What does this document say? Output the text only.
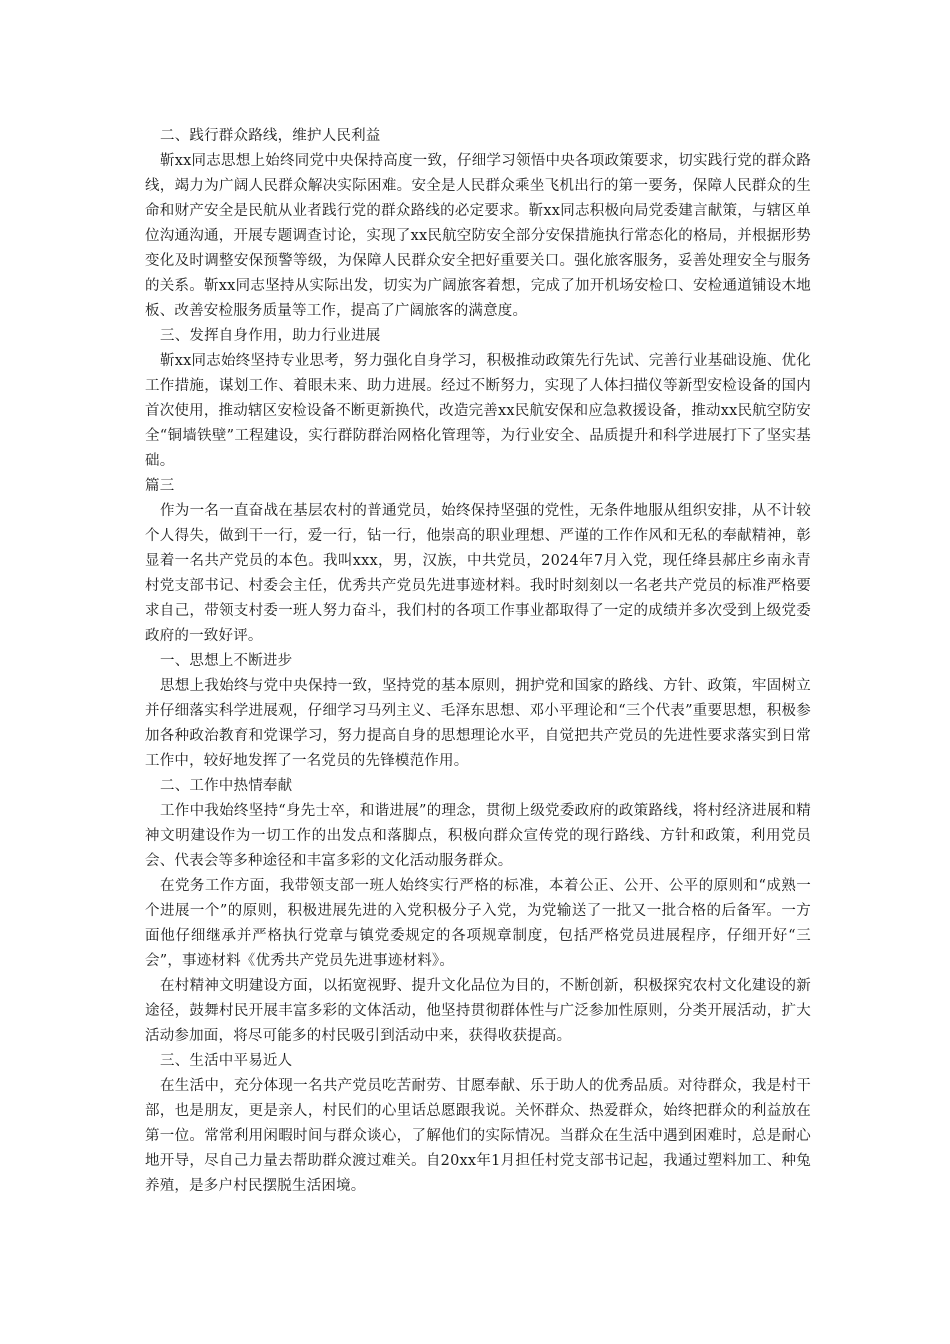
二、践行群众路线，维护人民利益

靳xx同志思想上始终同党中央保持高度一致，仔细学习领悟中央各项政策要求，切实践行党的群众路线，竭力为广阔人民群众解决实际困难。安全是人民群众乘坐飞机出行的第一要务，保障人民群众的生命和财产安全是民航从业者践行党的群众路线的必定要求。靳xx同志积极向局党委建言献策，与辖区单位沟通沟通，开展专题调查讨论，实现了xx民航空防安全部分安保措施执行常态化的格局，并根据形势变化及时调整安保预警等级，为保障人民群众安全把好重要关口。强化旅客服务，妥善处理安全与服务的关系。靳xx同志坚持从实际出发，切实为广阔旅客着想，完成了加开机场安检口、安检通道铺设木地板、改善安检服务质量等工作，提高了广阔旅客的满意度。

三、发挥自身作用，助力行业进展

靳xx同志始终坚持专业思考，努力强化自身学习，积极推动政策先行先试、完善行业基础设施、优化工作措施，谋划工作、着眼未来、助力进展。经过不断努力，实现了人体扫描仪等新型安检设备的国内首次使用，推动辖区安检设备不断更新换代，改造完善xx民航安保和应急救援设备，推动xx民航空防安全“铜墙铁壁”工程建设，实行群防群治网格化管理等，为行业安全、品质提升和科学进展打下了坚实基础。

篇三

作为一名一直奋战在基层农村的普通党员，始终保持坚强的党性，无条件地服从组织安排，从不计较个人得失，做到干一行，爱一行，钻一行，他崇高的职业理想、严谨的工作作风和无私的奉献精神，彰显着一名共产党员的本色。我叫xxx，男，汉族，中共党员，2024年7月入党，现任绛县郝庄乡南永青村党支部书记、村委会主任，优秀共产党员先进事迹材料。我时时刻刻以一名老共产党员的标准严格要求自己，带领支村委一班人努力奋斗，我们村的各项工作事业都取得了一定的成绩并多次受到上级党委政府的一致好评。

一、思想上不断进步

思想上我始终与党中央保持一致，坚持党的基本原则，拥护党和国家的路线、方针、政策，牢固树立并仔细落实科学进展观，仔细学习马列主义、毛泽东思想、邓小平理论和“三个代表”重要思想，积极参加各种政治教育和党课学习，努力提高自身的思想理论水平，自觉把共产党员的先进性要求落实到日常工作中，较好地发挥了一名党员的先锋模范作用。

二、工作中热情奉献

工作中我始终坚持“身先士卒，和谐进展”的理念，贯彻上级党委政府的政策路线，将村经济进展和精神文明建设作为一切工作的出发点和落脚点，积极向群众宣传党的现行路线、方针和政策，利用党员会、代表会等多种途径和丰富多彩的文化活动服务群众。

在党务工作方面，我带领支部一班人始终实行严格的标准，本着公正、公开、公平的原则和“成熟一个进展一个”的原则，积极进展先进的入党积极分子入党，为党输送了一批又一批合格的后备军。一方面他仔细继承并严格执行党章与镇党委规定的各项规章制度，包括严格党员进展程序，仔细开好“三会”，事迹材料《优秀共产党员先进事迹材料》。

在村精神文明建设方面，以拓宽视野、提升文化品位为目的，不断创新，积极探究农村文化建设的新途径，鼓舞村民开展丰富多彩的文体活动，他坚持贯彻群体性与广泛参加性原则，分类开展活动，扩大活动参加面，将尽可能多的村民吸引到活动中来，获得收获提高。

三、生活中平易近人

在生活中，充分体现一名共产党员吃苦耐劳、甘愿奉献、乐于助人的优秀品质。对待群众，我是村干部，也是朋友，更是亲人，村民们的心里话总愿跟我说。关怀群众、热爱群众，始终把群众的利益放在第一位。常常利用闲暇时间与群众谈心，了解他们的实际情况。当群众在生活中遇到困难时，总是耐心地开导，尽自己力量去帮助群众渡过难关。自20xx年1月担任村党支部书记起，我通过塑料加工、种兔养殖，是多户村民摆脱生活困境。
